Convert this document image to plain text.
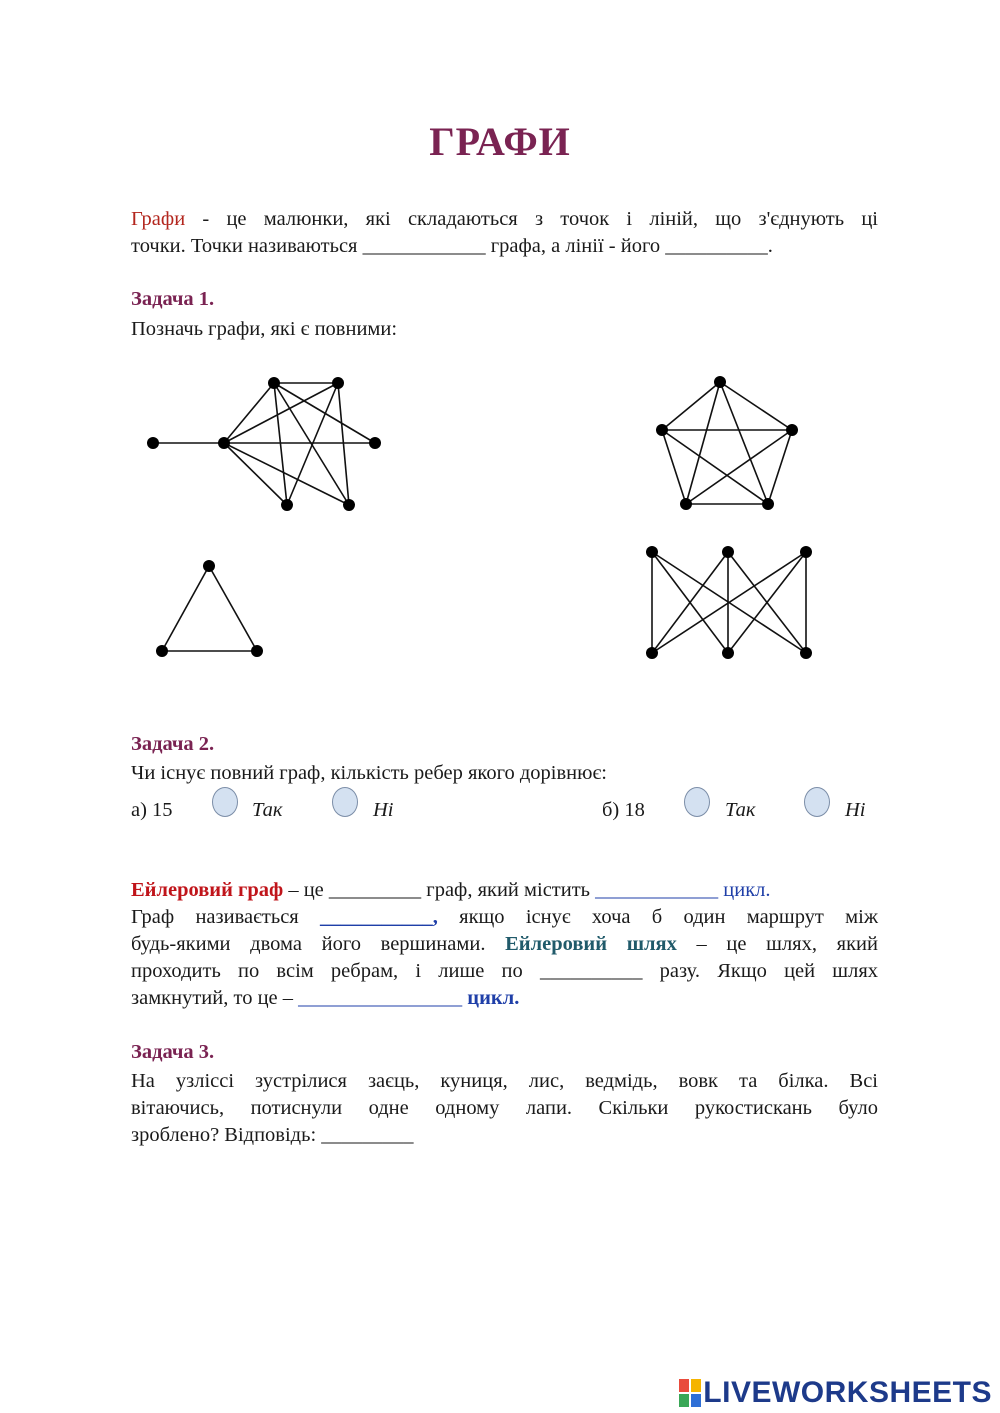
ГРАФИ
Графи - це малюнки, які складаються з точок і ліній, що з'єднують ці
точки. Точки називаються ____________ графа, а лінії - його __________.
Задача 1.
Позначь графи, які є повними:
Задача 2.
Чи існує повний граф, кількість ребер якого дорівнює:
а) 15	Так	Ні	б) 18	Так	Ні
Ейлеровий граф – це _________ граф, який містить ____________ цикл.
Граф називається ___________, якщо існує хоча б один маршрут між
будь-якими двома його вершинами. Ейлеровий шлях – це шлях, який
проходить по всім ребрам, і лише по __________ разу. Якщо цей шлях
замкнутий, то це – ________________ цикл.
Задача 3.
На узліссі зустрілися заєць, куниця, лис, ведмідь, вовк та білка. Всі
вітаючись, потиснули одне одному лапи. Скільки рукостискань було
зроблено? Відповідь: _________
LIVEWORKSHEETS
